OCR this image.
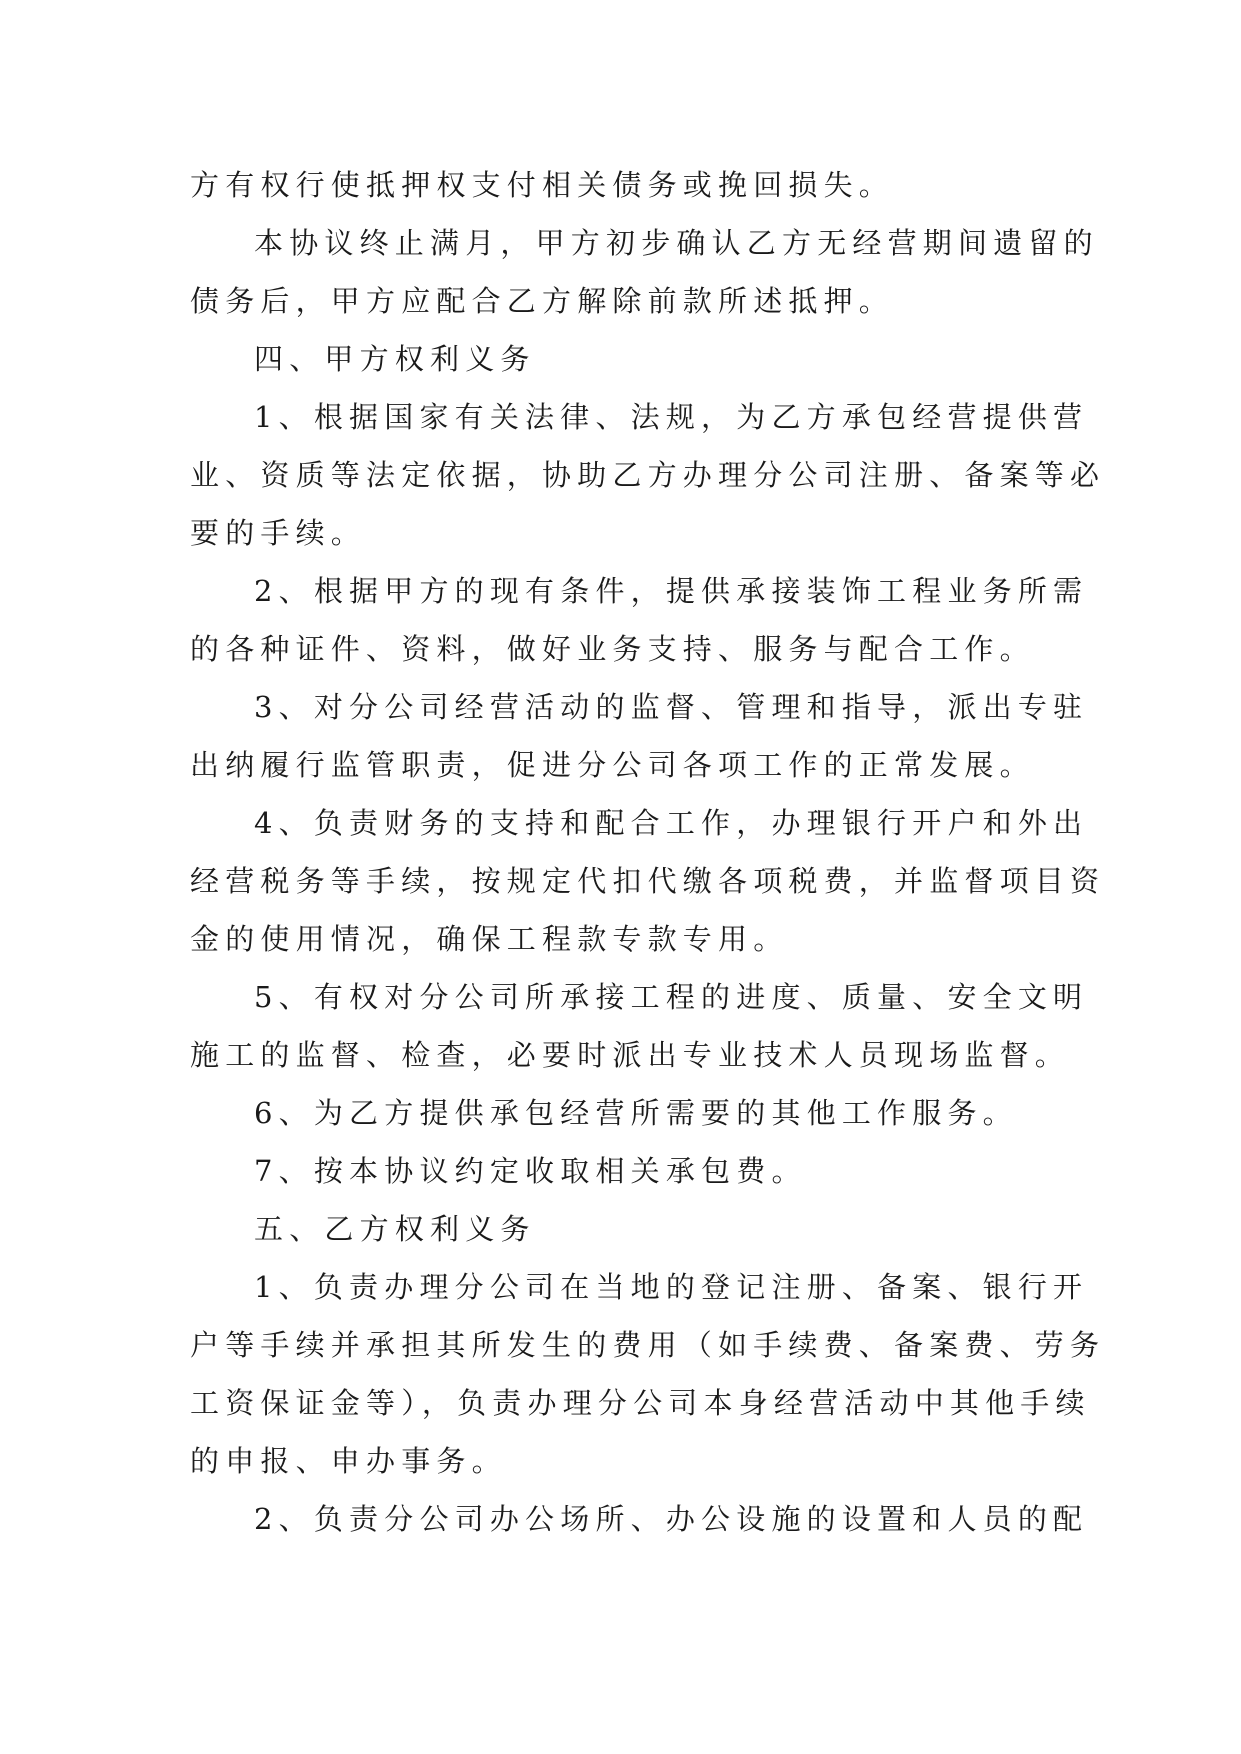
方有权行使抵押权支付相关债务或挽回损失。
本协议终止满月，甲方初步确认乙方无经营期间遗留的
债务后，甲方应配合乙方解除前款所述抵押。
四、甲方权利义务
1、根据国家有关法律、法规，为乙方承包经营提供营
业、资质等法定依据，协助乙方办理分公司注册、备案等必
要的手续。
2、根据甲方的现有条件，提供承接装饰工程业务所需
的各种证件、资料，做好业务支持、服务与配合工作。
3、对分公司经营活动的监督、管理和指导，派出专驻
出纳履行监管职责，促进分公司各项工作的正常发展。
4、负责财务的支持和配合工作，办理银行开户和外出
经营税务等手续，按规定代扣代缴各项税费，并监督项目资
金的使用情况，确保工程款专款专用。
5、有权对分公司所承接工程的进度、质量、安全文明
施工的监督、检查，必要时派出专业技术人员现场监督。
6、为乙方提供承包经营所需要的其他工作服务。
7、按本协议约定收取相关承包费。
五、乙方权利义务
1、负责办理分公司在当地的登记注册、备案、银行开
户等手续并承担其所发生的费用（如手续费、备案费、劳务
工资保证金等），负责办理分公司本身经营活动中其他手续
的申报、申办事务。
2、负责分公司办公场所、办公设施的设置和人员的配
